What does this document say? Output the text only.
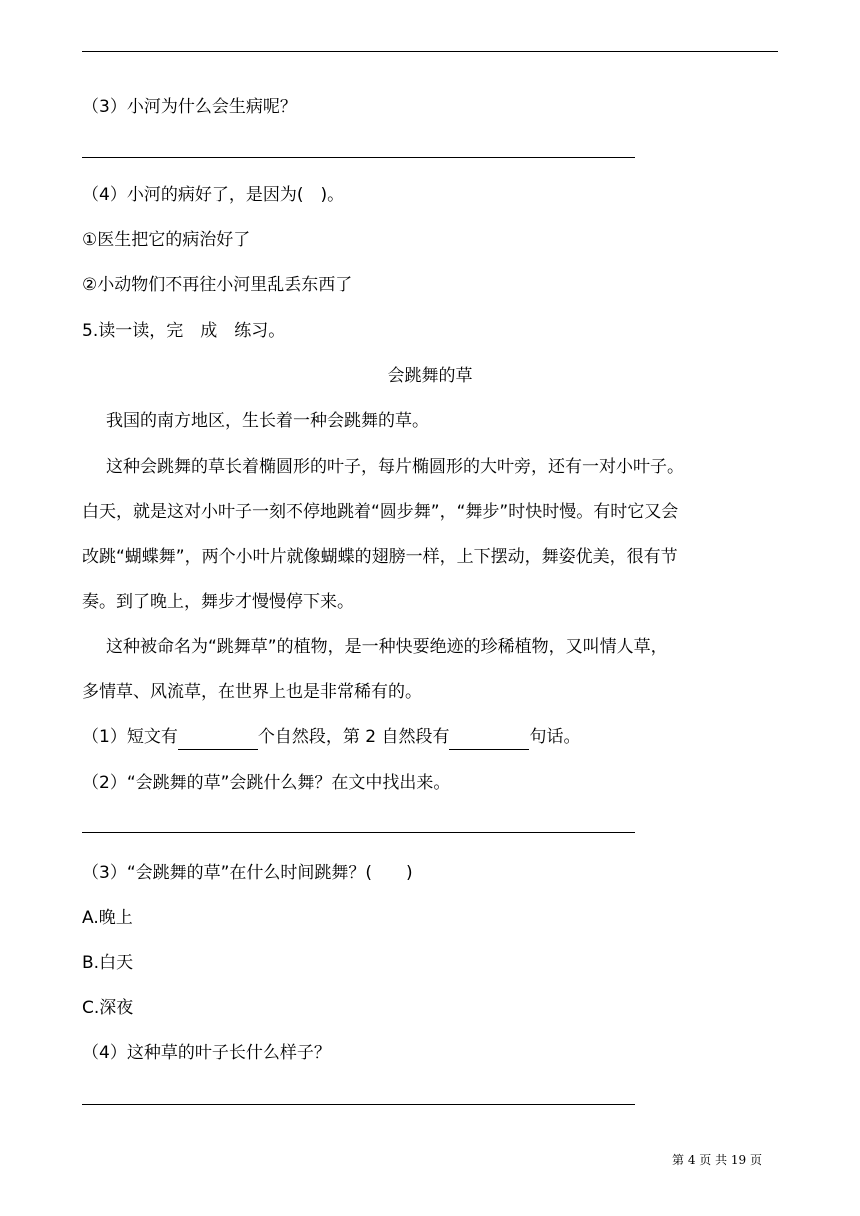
（3）小河为什么会生病呢？
（4）小河的病好了，是因为(　)。
①医生把它的病治好了
②小动物们不再往小河里乱丢东西了
5.读一读，完　成　练习。
会跳舞的草
我国的南方地区，生长着一种会跳舞的草。
这种会跳舞的草长着椭圆形的叶子，每片椭圆形的大叶旁，还有一对小叶子。
白天，就是这对小叶子一刻不停地跳着“圆步舞”，“舞步”时快时慢。有时它又会
改跳“蝴蝶舞”，两个小叶片就像蝴蝶的翅膀一样，上下摆动，舞姿优美，很有节
奏。到了晚上，舞步才慢慢停下来。
这种被命名为“跳舞草”的植物，是一种快要绝迹的珍稀植物，又叫情人草，
多情草、风流草，在世界上也是非常稀有的。
（1）短文有	个自然段，第 2 自然段有	句话。
（2）“会跳舞的草”会跳什么舞？在文中找出来。
（3）“会跳舞的草”在什么时间跳舞？(　　)
A.晚上
B.白天
C.深夜
（4）这种草的叶子长什么样子？
第 4 页 共 19 页
